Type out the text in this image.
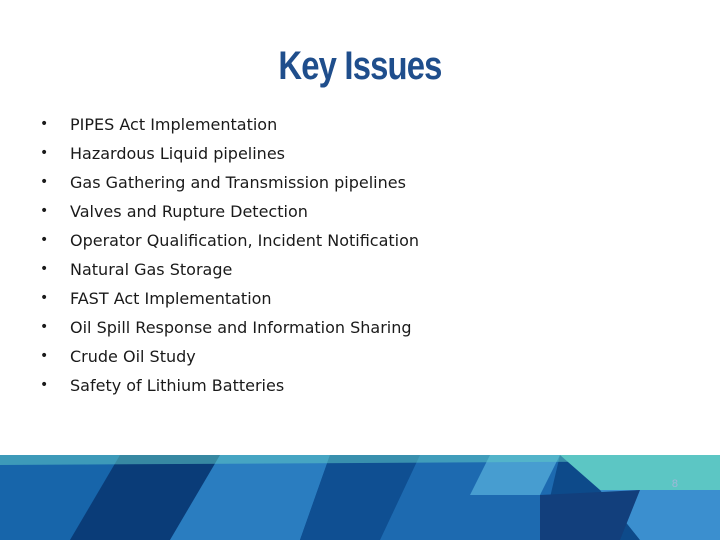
Key Issues
•	PIPES Act Implementation
•	Hazardous Liquid pipelines
•	Gas Gathering and Transmission pipelines
•	Valves and Rupture Detection
•	Operator Qualification, Incident Notification
•	Natural Gas Storage
•	FAST Act Implementation
•	Oil Spill Response and Information Sharing
•	Crude Oil Study
•	Safety of Lithium Batteries
8
